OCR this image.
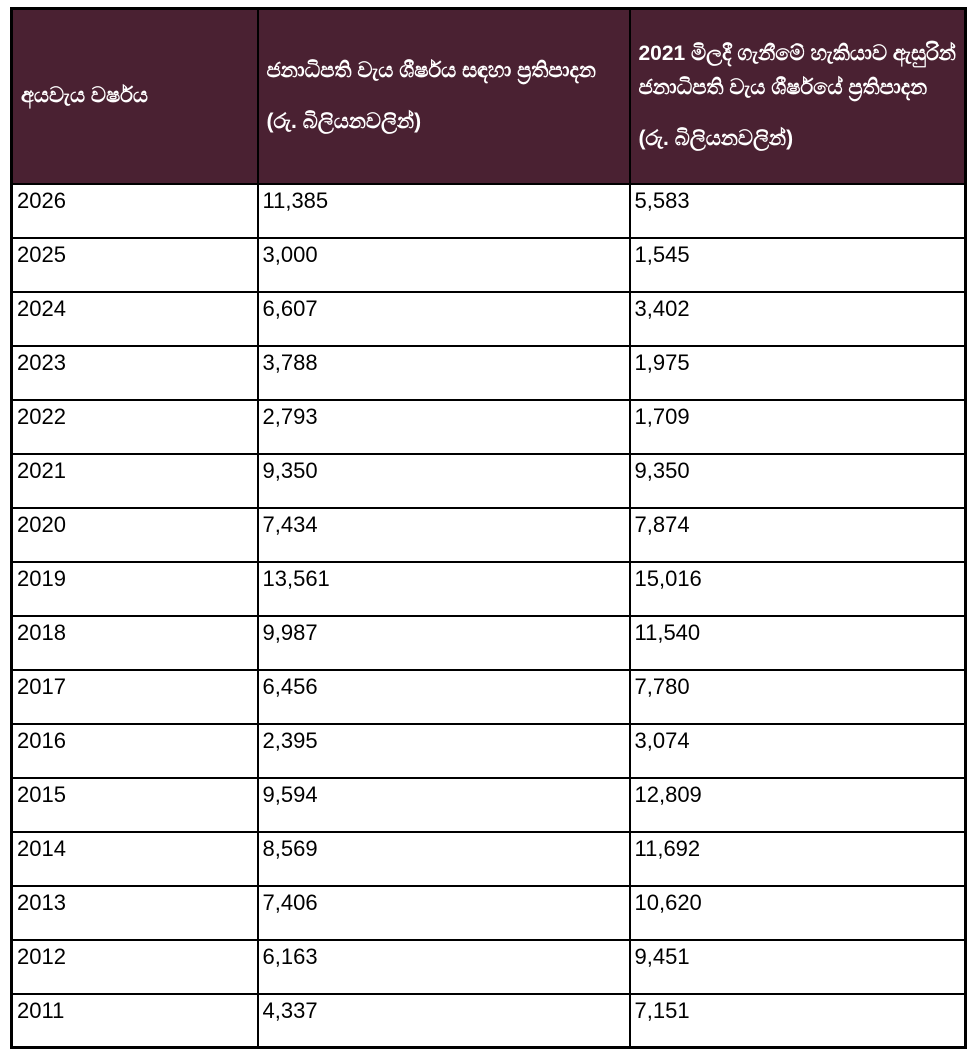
අයවැය වර්ෂය

ජනාධිපති වැය ශීර්ෂය සඳහා ප්‍රතිපාදන
(රු. බිලියනවලින්)

2021 මිලදී ගැනීමේ හැකියාව ඇසුරින් ජනාධිපති වැය ශීර්ෂයේ ප්‍රතිපාදන
(රු. බිලියනවලින්)

2026	11,385	5,583
2025	3,000	1,545
2024	6,607	3,402
2023	3,788	1,975
2022	2,793	1,709
2021	9,350	9,350
2020	7,434	7,874
2019	13,561	15,016
2018	9,987	11,540
2017	6,456	7,780
2016	2,395	3,074
2015	9,594	12,809
2014	8,569	11,692
2013	7,406	10,620
2012	6,163	9,451
2011	4,337	7,151
